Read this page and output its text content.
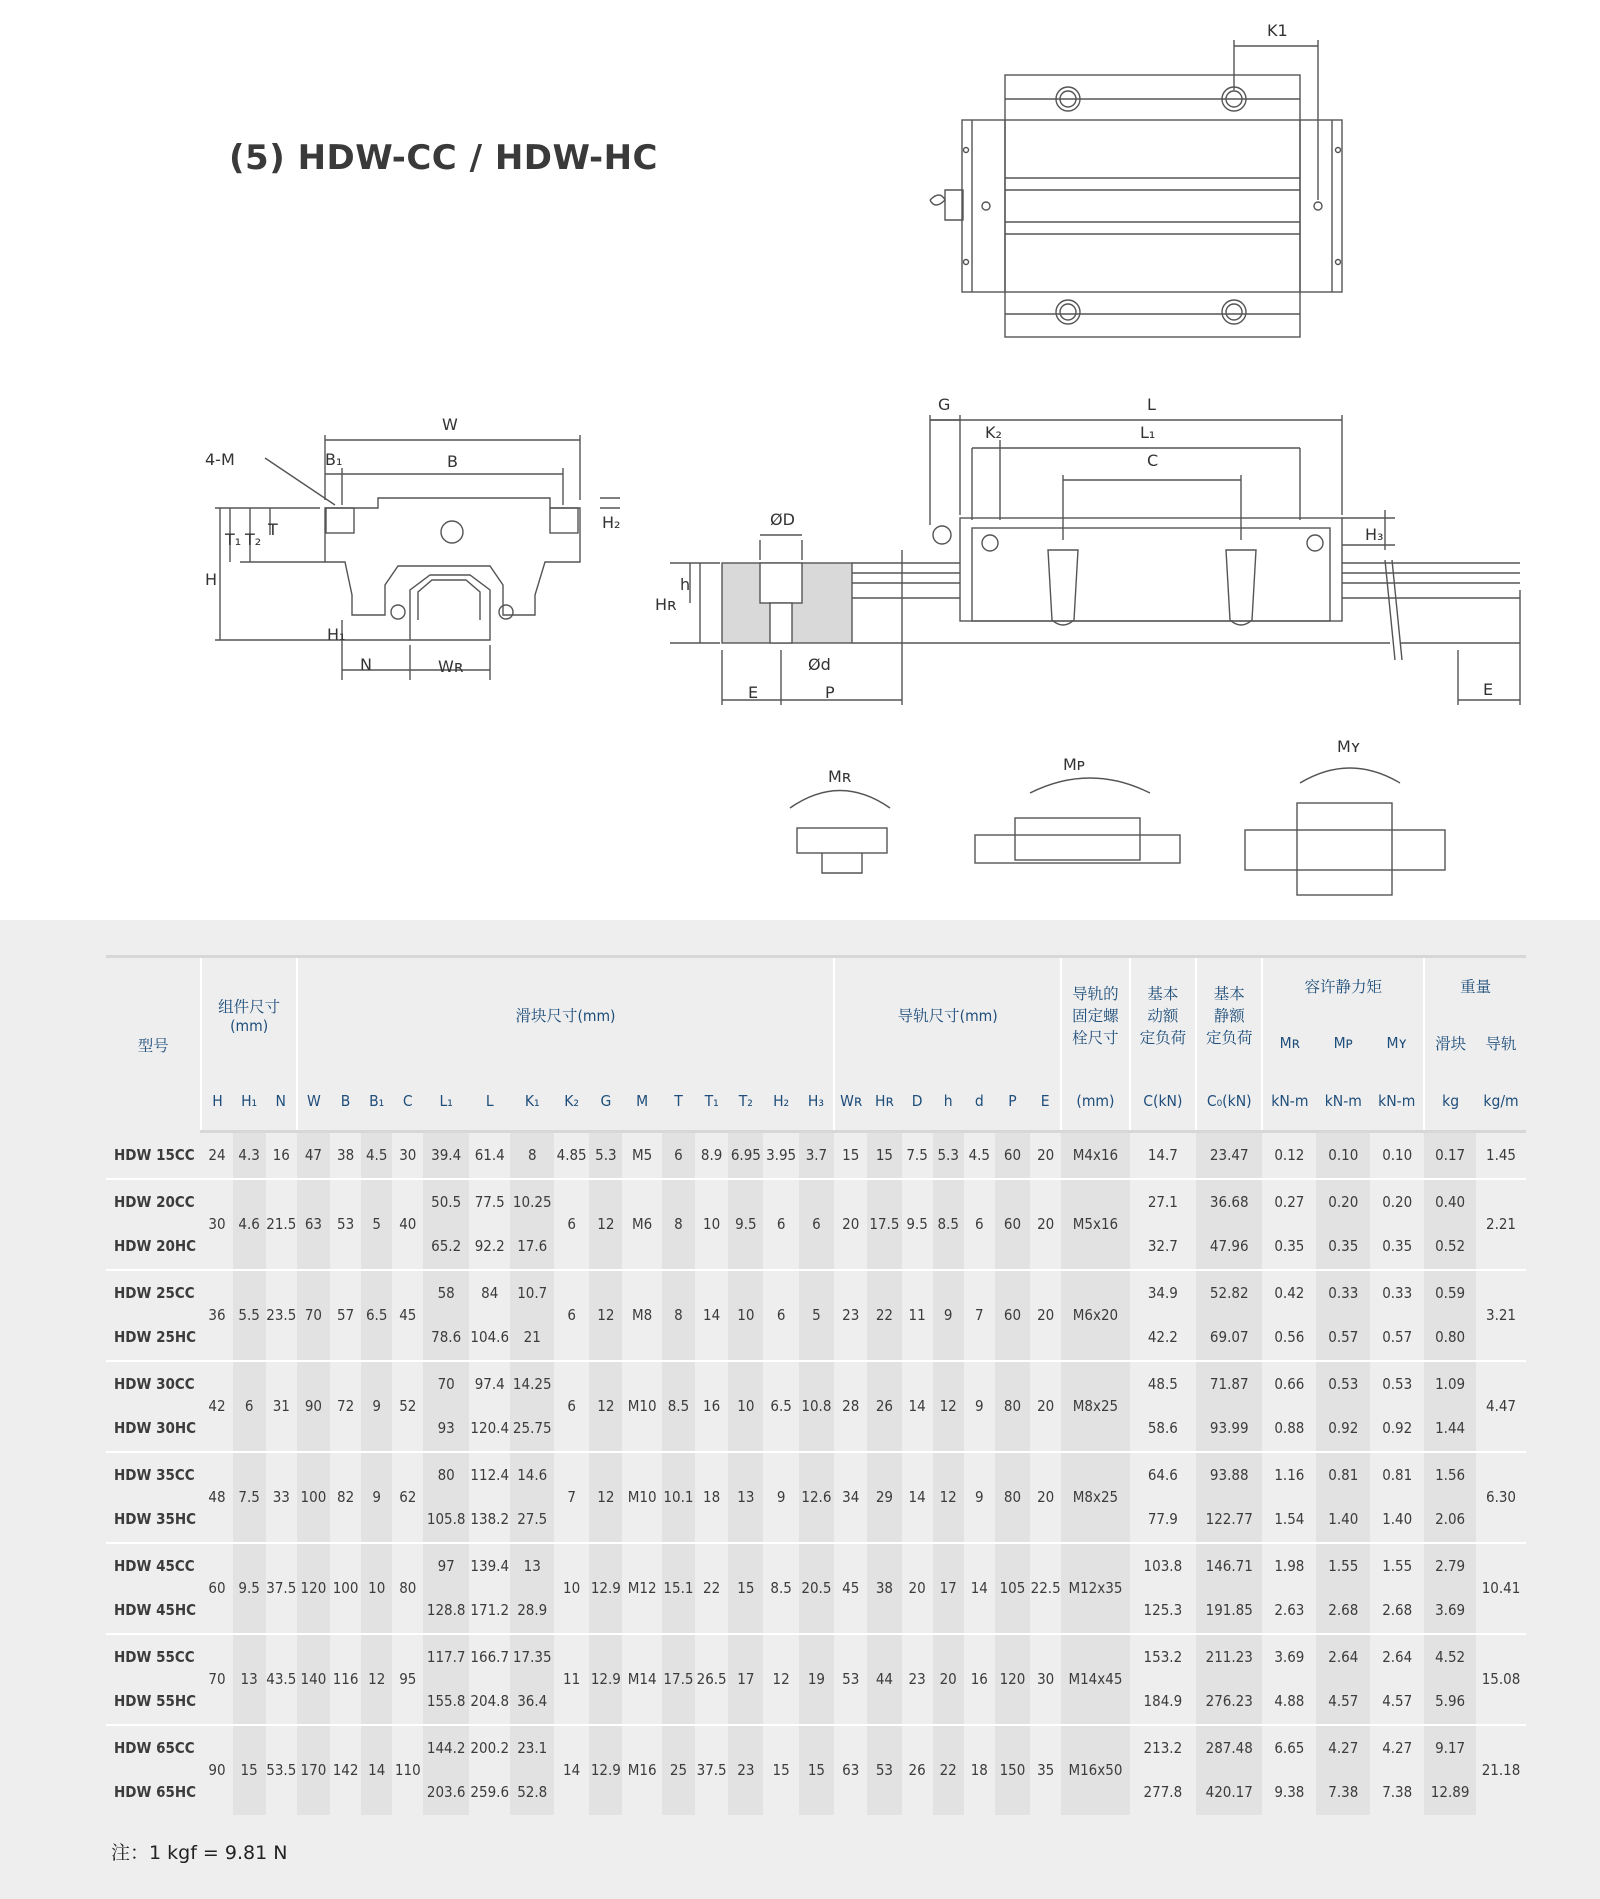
(5) HDW-CC / HDW-HC
K1
W
4-M	B₁	B
T₁ T₂
T	H₂
H
H₁
N	Wʀ
G	L
K₂	L₁
C
H₃
ØD
Ød
Hʀ
h
E	P	E
Mʀ
Mᴘ
Mʏ
型号	组件尺寸
(mm)			滑块尺寸(mm)															导轨尺寸(mm)							导轨的
固定螺
栓尺寸	基本
动额
定负荷	基本
静额
定负荷	容许静力矩			重量	
																													Mʀ	Mᴘ	Mʏ	滑块	导轨
	H	H₁	N	W	B	B₁	C	L₁	L	K₁	K₂	G	M	T	T₁	T₂	H₂	H₃	Wʀ	Hʀ	D	h	d	P	E	(mm)	C(kN)	C₀(kN)	kN-m	kN-m	kN-m	kg	kg/m
HDW 15CC	24	4.3	16	47	38	4.5	30	39.4	61.4	8	4.85	5.3	M5	6	8.9	6.95	3.95	3.7	15	15	7.5	5.3	4.5	60	20	M4x16	14.7	23.47	0.12	0.10	0.10	0.17	1.45
HDW 20CC	30	4.6	21.5	63	53	5	40	50.5	77.5	10.25	6	12	M6	8	10	9.5	6	6	20	17.5	9.5	8.5	6	60	20	M5x16	27.1	36.68	0.27	0.20	0.20	0.40	2.21
HDW 20HC								65.2	92.2	17.6																	32.7	47.96	0.35	0.35	0.35	0.52	
HDW 25CC	36	5.5	23.5	70	57	6.5	45	58	84	10.7	6	12	M8	8	14	10	6	5	23	22	11	9	7	60	20	M6x20	34.9	52.82	0.42	0.33	0.33	0.59	3.21
HDW 25HC								78.6	104.6	21																	42.2	69.07	0.56	0.57	0.57	0.80	
HDW 30CC	42	6	31	90	72	9	52	70	97.4	14.25	6	12	M10	8.5	16	10	6.5	10.8	28	26	14	12	9	80	20	M8x25	48.5	71.87	0.66	0.53	0.53	1.09	4.47
HDW 30HC								93	120.4	25.75																	58.6	93.99	0.88	0.92	0.92	1.44	
HDW 35CC	48	7.5	33	100	82	9	62	80	112.4	14.6	7	12	M10	10.1	18	13	9	12.6	34	29	14	12	9	80	20	M8x25	64.6	93.88	1.16	0.81	0.81	1.56	6.30
HDW 35HC								105.8	138.2	27.5																	77.9	122.77	1.54	1.40	1.40	2.06	
HDW 45CC	60	9.5	37.5	120	100	10	80	97	139.4	13	10	12.9	M12	15.1	22	15	8.5	20.5	45	38	20	17	14	105	22.5	M12x35	103.8	146.71	1.98	1.55	1.55	2.79	10.41
HDW 45HC								128.8	171.2	28.9																	125.3	191.85	2.63	2.68	2.68	3.69	
HDW 55CC	70	13	43.5	140	116	12	95	117.7	166.7	17.35	11	12.9	M14	17.5	26.5	17	12	19	53	44	23	20	16	120	30	M14x45	153.2	211.23	3.69	2.64	2.64	4.52	15.08
HDW 55HC								155.8	204.8	36.4																	184.9	276.23	4.88	4.57	4.57	5.96	
HDW 65CC	90	15	53.5	170	142	14	110	144.2	200.2	23.1	14	12.9	M16	25	37.5	23	15	15	63	53	26	22	18	150	35	M16x50	213.2	287.48	6.65	4.27	4.27	9.17	21.18
HDW 65HC								203.6	259.6	52.8																	277.8	420.17	9.38	7.38	7.38	12.89	
注：1 kgf = 9.81 N
